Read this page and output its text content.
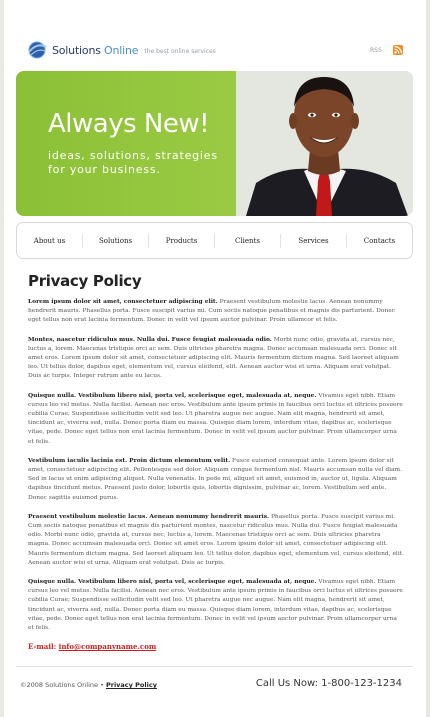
Solutions Online the best online services	RSS
Always New!
ideas, solutions, strategies
for your business.
About us	Solutions	Products	Clients	Services	Contacts
Privacy Policy

Lorem ipsum dolor sit amet, consectetuer adipiscing elit. Praesent vestibulum molestie lacus. Aenean nonummy hendrerit mauris. Phasellus porta. Fusce suscipit varius mi. Cum sociis natoque penatibus et magnis dis parturient. Donec eget tellus non erat lacinia fermentum. Donec in velit vel ipsum auctor pulvinar. Proin ullamcor et felis.

Montes, nascetur ridiculus mus. Nulla dui. Fusce feugiat malesuada odio. Morbi nunc odio, gravida at, cursus nec, luctus a, lorem. Maecenas tristique orci ac sem. Duis ultricies pharetra magna. Donec accumsan malesuada orci. Donec sit amet eros. Lorem ipsum dolor sit amet, consectetuer adipiscing elit. Mauris fermentum dictum magna. Sed laoreet aliquam leo. Ut tellus dolor, dapibus eget, elementum vel, cursus eleifend, elit. Aenean auctor wisi et urna. Aliquam erat volutpat. Duis ac turpis. Integer rutrum ante eu lacus.

Quisque nulla. Vestibulum libero nisl, porta vel, scelerisque eget, malesuada at, neque. Vivamus eget nibh. Etiam cursus leo vel metus. Nulla facilisi. Aenean nec eros. Vestibulum ante ipsum primis in faucibus orci luctus et ultrices posuere cubilia Curae; Suspendisse sollicitudin velit sed leo. Ut pharetra augue nec augue. Nam elit magna, hendrerit sit amet, tincidunt ac, viverra sed, nulla. Donec porta diam eu massa. Quisque diam lorem, interdum vitae, dapibus ac, scelerisque vitae, pede. Donec eget tellus non erat lacinia fermentum. Donec in velit vel ipsum auctor pulvinar. Proin ullamcorper urna et felis.

Vestibulum iaculis lacinia est. Proin dictum elementum velit. Fusce euismod consequat ante. Lorem ipsum dolor sit amet, consectetuer adipiscing elit. Pellentesque sed dolor. Aliquam congue fermentum nisl. Mauris accumsan nulla vel diam. Sed in lacus ut enim adipiscing aliquet. Nulla venenatis. In pede mi, aliquet sit amet, euismod in, auctor ut, ligula. Aliquam dapibus tincidunt metus. Praesent justo dolor, lobortis quis, lobortis dignissim, pulvinar ac, lorem. Vestibulum sed ante. Donec sagittis euismod purus.

Praesent vestibulum molestie lacus. Aenean nonummy hendrerit mauris. Phasellus porta. Fusce suscipit varius mi. Cum sociis natoque penatibus et magnis dis parturient montes, nascetur ridiculus mus. Nulla dui. Fusce feugiat malesuada odio. Morbi nunc odio, gravida at, cursus nec, luctus a, lorem. Maecenas tristique orci ac sem. Duis ultricies pharetra magna. Donec accumsan malesuada orci. Donec sit amet eros. Lorem ipsum dolor sit amet, consectetuer adipiscing elit. Mauris fermentum dictum magna. Sed laoreet aliquam leo. Ut tellus dolor, dapibus eget, elementum vel, cursus eleifend, elit. Aenean auctor wisi et urna. Aliquam erat volutpat. Duis ac turpis.

Quisque nulla. Vestibulum libero nisl, porta vel, scelerisque eget, malesuada at, neque. Vivamus eget nibh. Etiam cursus leo vel metus. Nulla facilisi. Aenean nec eros. Vestibulum ante ipsum primis in faucibus orci luctus et ultrices posuere cubilia Curae; Suspendisse sollicitudin velit sed leo. Ut pharetra augue nec augue. Nam elit magna, hendrerit sit amet, tincidunt ac, viverra sed, nulla. Donec porta diam eu massa. Quisque diam lorem, interdum vitae, dapibus ac, scelerisque vitae, pede. Donec eget tellus non erat lacinia fermentum. Donec in velit vel ipsum auctor pulvinar. Proin ullamcorper urna et felis.

E-mail: info@companyname.com
©2008 Solutions Online • Privacy Policy	Call Us Now: 1-800-123-1234
